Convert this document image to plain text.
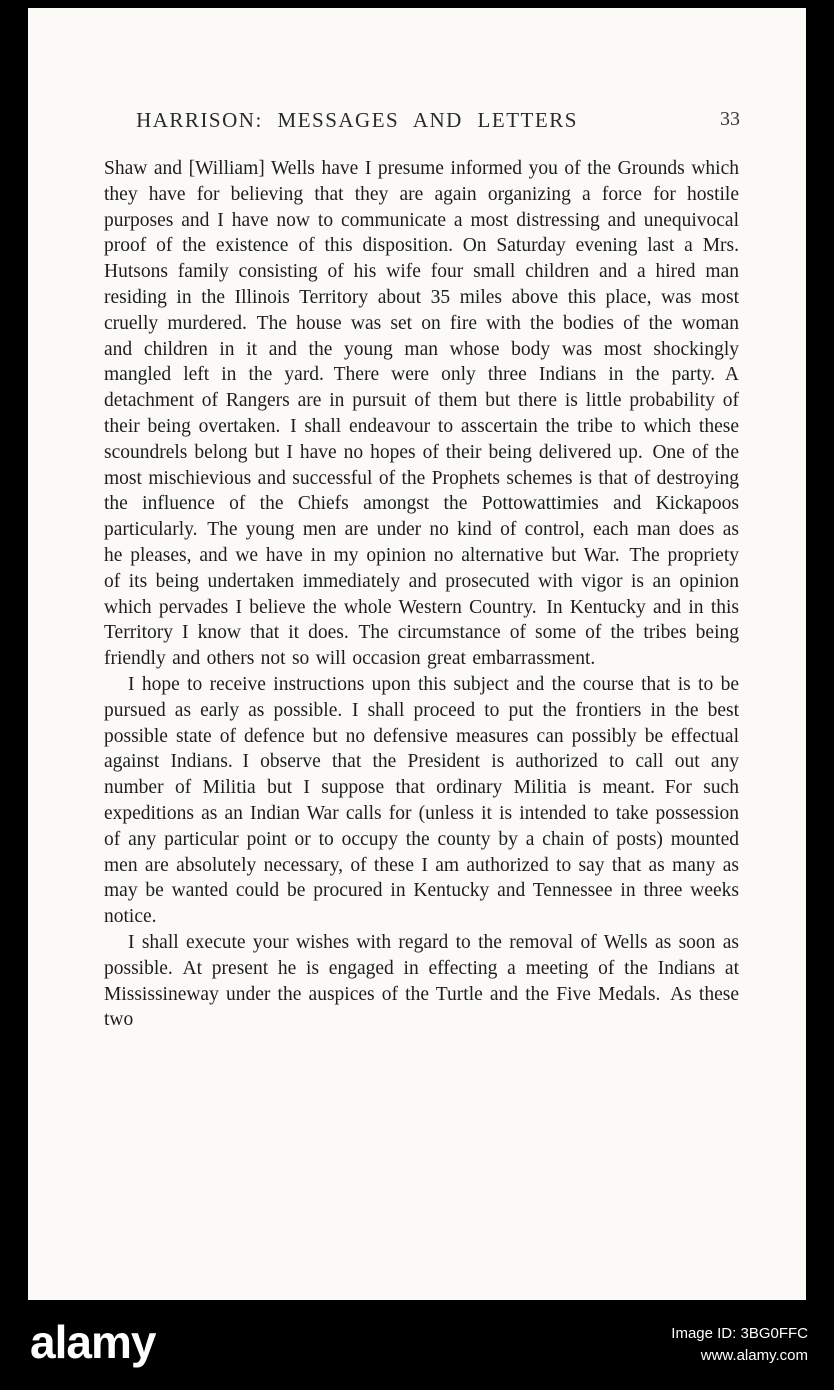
HARRISON: MESSAGES AND LETTERS	33

Shaw and [William] Wells have I presume informed you of the Grounds which they have for believing that they are again organizing a force for hostile purposes and I have now to communicate a most distressing and unequivocal proof of the existence of this disposition. On Saturday evening last a Mrs. Hutsons family consisting of his wife four small children and a hired man residing in the Illinois Territory about 35 miles above this place, was most cruelly murdered. The house was set on fire with the bodies of the woman and children in it and the young man whose body was most shockingly mangled left in the yard. There were only three Indians in the party. A detachment of Rangers are in pursuit of them but there is little probability of their being overtaken. I shall endeavour to asscertain the tribe to which these scoundrels belong but I have no hopes of their being delivered up. One of the most mischievious and successful of the Prophets schemes is that of destroying the influence of the Chiefs amongst the Pottowattimies and Kickapoos particularly. The young men are under no kind of control, each man does as he pleases, and we have in my opinion no alternative but War. The propriety of its being undertaken immediately and prosecuted with vigor is an opinion which pervades I believe the whole Western Country. In Kentucky and in this Territory I know that it does. The circumstance of some of the tribes being friendly and others not so will occasion great embarrassment.

I hope to receive instructions upon this subject and the course that is to be pursued as early as possible. I shall proceed to put the frontiers in the best possible state of defence but no defensive measures can possibly be effectual against Indians. I observe that the President is authorized to call out any number of Militia but I suppose that ordinary Militia is meant. For such expeditions as an Indian War calls for (unless it is intended to take possession of any particular point or to occupy the county by a chain of posts) mounted men are absolutely necessary, of these I am authorized to say that as many as may be wanted could be procured in Kentucky and Tennessee in three weeks notice.

I shall execute your wishes with regard to the removal of Wells as soon as possible. At present he is engaged in effecting a meeting of the Indians at Mississineway under the auspices of the Turtle and the Five Medals. As these two

alamy	Image ID: 3BG0FFC
www.alamy.com
